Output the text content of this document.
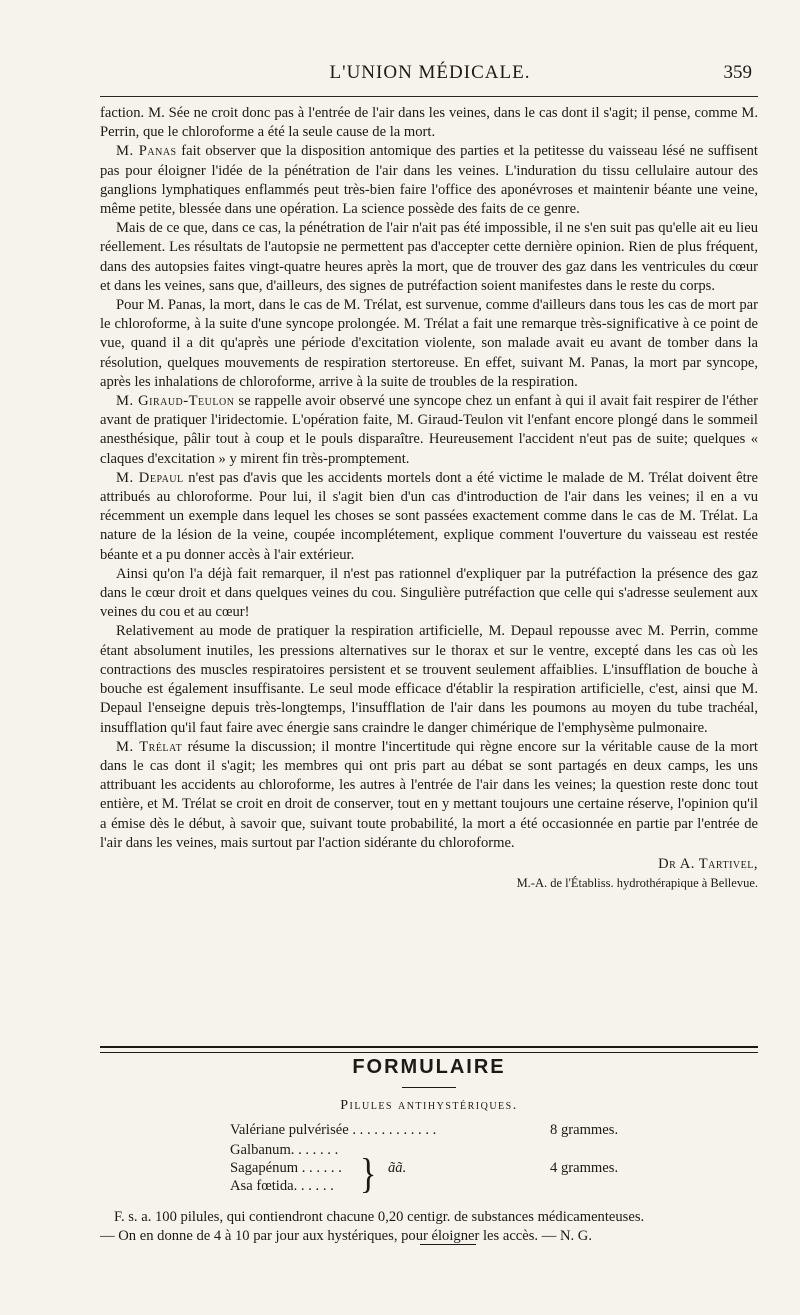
L'UNION MÉDICALE.	359

faction. M. Sée ne croit donc pas à l'entrée de l'air dans les veines, dans le cas dont il s'agit; il pense, comme M. Perrin, que le chloroforme a été la seule cause de la mort.

M. Panas fait observer que la disposition antomique des parties et la petitesse du vaisseau lésé ne suffisent pas pour éloigner l'idée de la pénétration de l'air dans les veines. L'induration du tissu cellulaire autour des ganglions lymphatiques enflammés peut très-bien faire l'office des aponévroses et maintenir béante une veine, même petite, blessée dans une opération. La science possède des faits de ce genre.

Mais de ce que, dans ce cas, la pénétration de l'air n'ait pas été impossible, il ne s'en suit pas qu'elle ait eu lieu réellement. Les résultats de l'autopsie ne permettent pas d'accepter cette dernière opinion. Rien de plus fréquent, dans des autopsies faites vingt-quatre heures après la mort, que de trouver des gaz dans les ventricules du cœur et dans les veines, sans que, d'ailleurs, des signes de putréfaction soient manifestes dans le reste du corps.

Pour M. Panas, la mort, dans le cas de M. Trélat, est survenue, comme d'ailleurs dans tous les cas de mort par le chloroforme, à la suite d'une syncope prolongée. M. Trélat a fait une remarque très-significative à ce point de vue, quand il a dit qu'après une période d'excitation violente, son malade avait eu avant de tomber dans la résolution, quelques mouvements de respiration stertoreuse. En effet, suivant M. Panas, la mort par syncope, après les inhalations de chloroforme, arrive à la suite de troubles de la respiration.

M. Giraud-Teulon se rappelle avoir observé une syncope chez un enfant à qui il avait fait respirer de l'éther avant de pratiquer l'iridectomie. L'opération faite, M. Giraud-Teulon vit l'enfant encore plongé dans le sommeil anesthésique, pâlir tout à coup et le pouls disparaître. Heureusement l'accident n'eut pas de suite; quelques « claques d'excitation » y mirent fin très-promptement.

M. Depaul n'est pas d'avis que les accidents mortels dont a été victime le malade de M. Trélat doivent être attribués au chloroforme. Pour lui, il s'agit bien d'un cas d'introduction de l'air dans les veines; il en a vu récemment un exemple dans lequel les choses se sont passées exactement comme dans le cas de M. Trélat. La nature de la lésion de la veine, coupée incomplétement, explique comment l'ouverture du vaisseau est restée béante et a pu donner accès à l'air extérieur.

Ainsi qu'on l'a déjà fait remarquer, il n'est pas rationnel d'expliquer par la putréfaction la présence des gaz dans le cœur droit et dans quelques veines du cou. Singulière putréfaction que celle qui s'adresse seulement aux veines du cou et au cœur!

Relativement au mode de pratiquer la respiration artificielle, M. Depaul repousse avec M. Perrin, comme étant absolument inutiles, les pressions alternatives sur le thorax et sur le ventre, excepté dans les cas où les contractions des muscles respiratoires persistent et se trouvent seulement affaiblies. L'insufflation de bouche à bouche est également insuffisante. Le seul mode efficace d'établir la respiration artificielle, c'est, ainsi que M. Depaul l'enseigne depuis très-longtemps, l'insufflation de l'air dans les poumons au moyen du tube trachéal, insufflation qu'il faut faire avec énergie sans craindre le danger chimérique de l'emphysème pulmonaire.

M. Trélat résume la discussion; il montre l'incertitude qui règne encore sur la véritable cause de la mort dans le cas dont il s'agit; les membres qui ont pris part au débat se sont partagés en deux camps, les uns attribuant les accidents au chloroforme, les autres à l'entrée de l'air dans les veines; la question reste donc tout entière, et M. Trélat se croit en droit de conserver, tout en y mettant toujours une certaine réserve, l'opinion qu'il a émise dès le début, à savoir que, suivant toute probabilité, la mort a été occasionnée en partie par l'entrée de l'air dans les veines, mais surtout par l'action sidérante du chloroforme.

Dr A. Tartivel,
M.-A. de l'Établiss. hydrothérapique à Bellevue.
FORMULAIRE
Pilules antihystériques.
Valériane pulvérisée . . . . . . . . . . . .	8 grammes.
Galbanum. . . . . . .
Sagapénum . . . . . .
Asa fœtida. . . . . . } ãã.	4 grammes.

F. s. a. 100 pilules, qui contiendront chacune 0,20 centigr. de substances médicamenteuses.

— On en donne de 4 à 10 par jour aux hystériques, pour éloigner les accès. — N. G.
